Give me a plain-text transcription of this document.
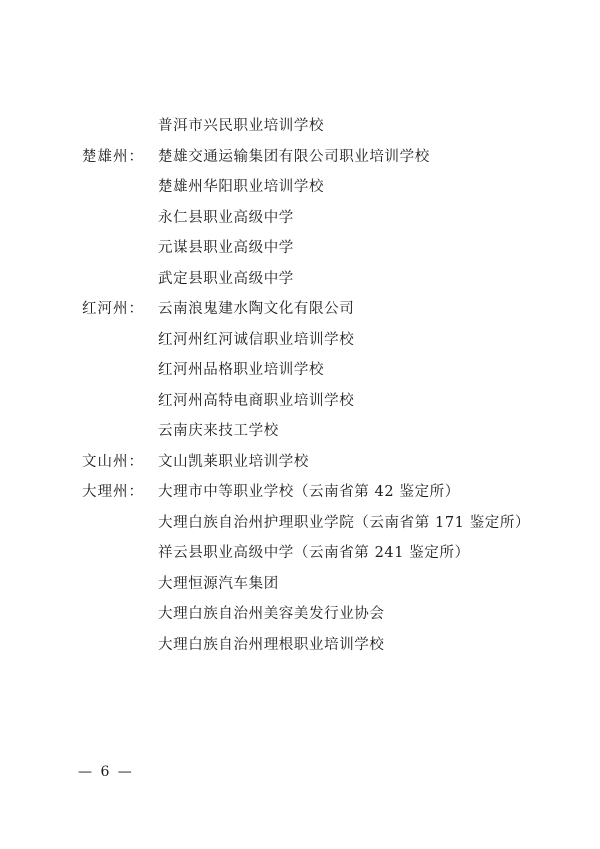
普洱市兴民职业培训学校
楚雄州： 楚雄交通运输集团有限公司职业培训学校
楚雄州华阳职业培训学校
永仁县职业高级中学
元谋县职业高级中学
武定县职业高级中学
红河州： 云南浪鬼建水陶文化有限公司
红河州红河诚信职业培训学校
红河州品格职业培训学校
红河州高特电商职业培训学校
云南庆来技工学校
文山州： 文山凯莱职业培训学校
大理州： 大理市中等职业学校（云南省第 42 鉴定所）
大理白族自治州护理职业学院（云南省第 171 鉴定所）
祥云县职业高级中学（云南省第 241 鉴定所）
大理恒源汽车集团
大理白族自治州美容美发行业协会
大理白族自治州理根职业培训学校
— 6 —
